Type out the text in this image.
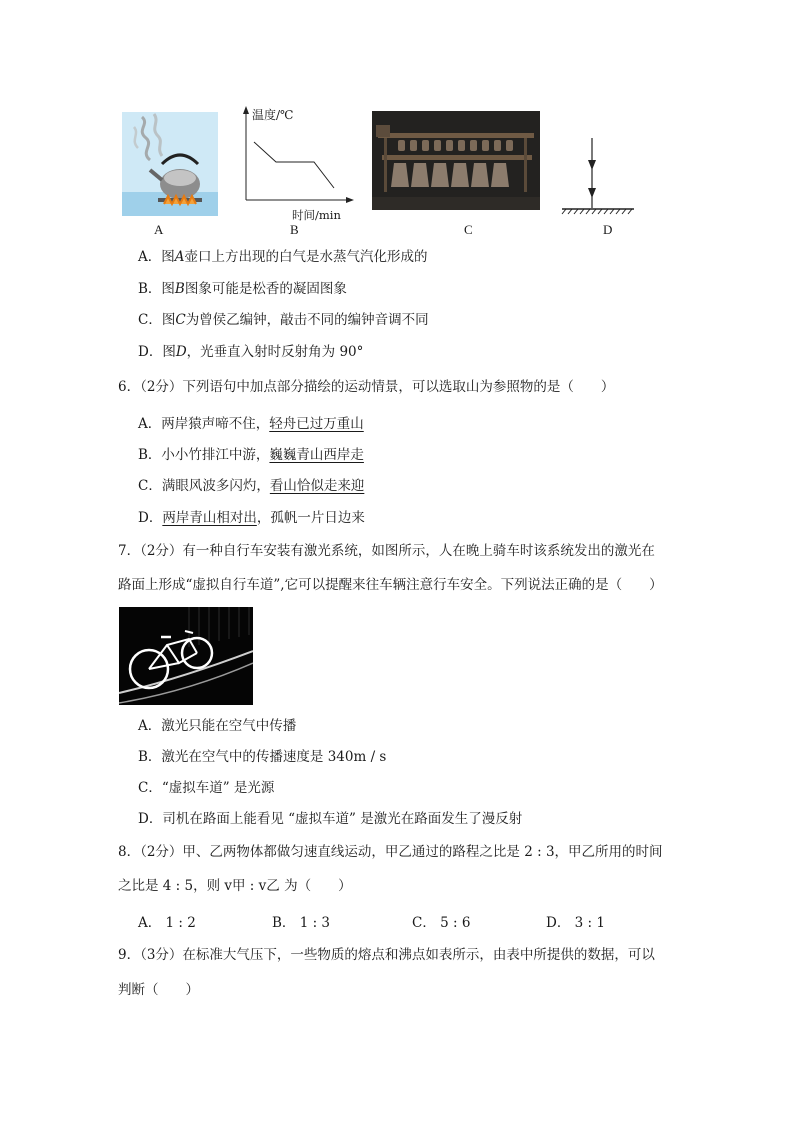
A
温度/℃
时间/min
B	C	D
A．图A壶口上方出现的白气是水蒸气汽化形成的
B．图B图象可能是松香的凝固图象
C．图C为曾侯乙编钟，敲击不同的编钟音调不同
D．图D，光垂直入射时反射角为 90°
6．（2分）下列语句中加点部分描绘的运动情景，可以选取山为参照物的是（　　）
A．两岸猿声啼不住，轻舟已过万重山
B．小小竹排江中游，巍巍青山西岸走
C．满眼风波多闪灼，看山恰似走来迎
D．两岸青山相对出，孤帆一片日边来
7．（2分）有一种自行车安装有激光系统，如图所示，人在晚上骑车时该系统发出的激光在
路面上形成“虚拟自行车道”,它可以提醒来往车辆注意行车安全。下列说法正确的是（　　）
A．激光只能在空气中传播
B．激光在空气中的传播速度是 340m / s
C．“虚拟车道” 是光源
D．司机在路面上能看见 “虚拟车道” 是激光在路面发生了漫反射
8．（2分）甲、乙两物体都做匀速直线运动，甲乙通过的路程之比是 2 : 3，甲乙所用的时间
之比是 4 : 5，则 v甲 : v乙 为（　　）
A． 1 : 2	B． 1 : 3	C． 5 : 6	D． 3 : 1
9．（3分）在标准大气压下，一些物质的熔点和沸点如表所示，由表中所提供的数据，可以
判断（　　）
